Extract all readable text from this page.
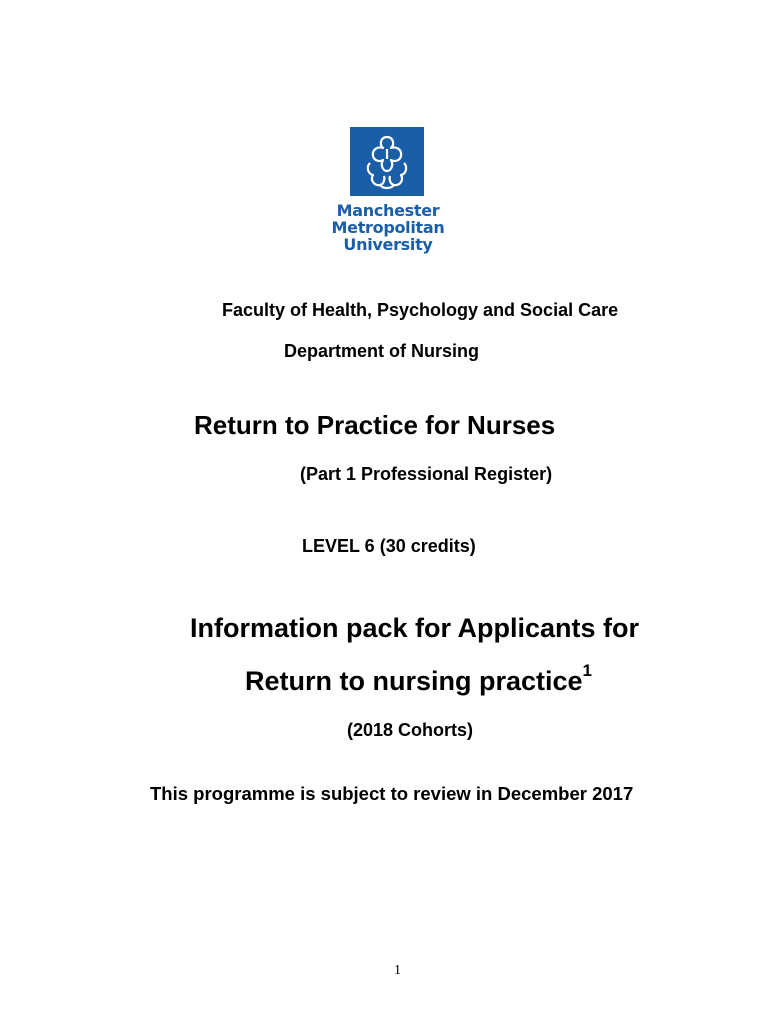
Manchester
Metropolitan
University
Faculty of Health, Psychology and Social Care
Department of Nursing
Return to Practice for Nurses
(Part 1 Professional Register)
LEVEL 6 (30 credits)
Information pack for Applicants for
Return to nursing practice$^1$
(2018 Cohorts)
This programme is subject to review in December 2017
1
